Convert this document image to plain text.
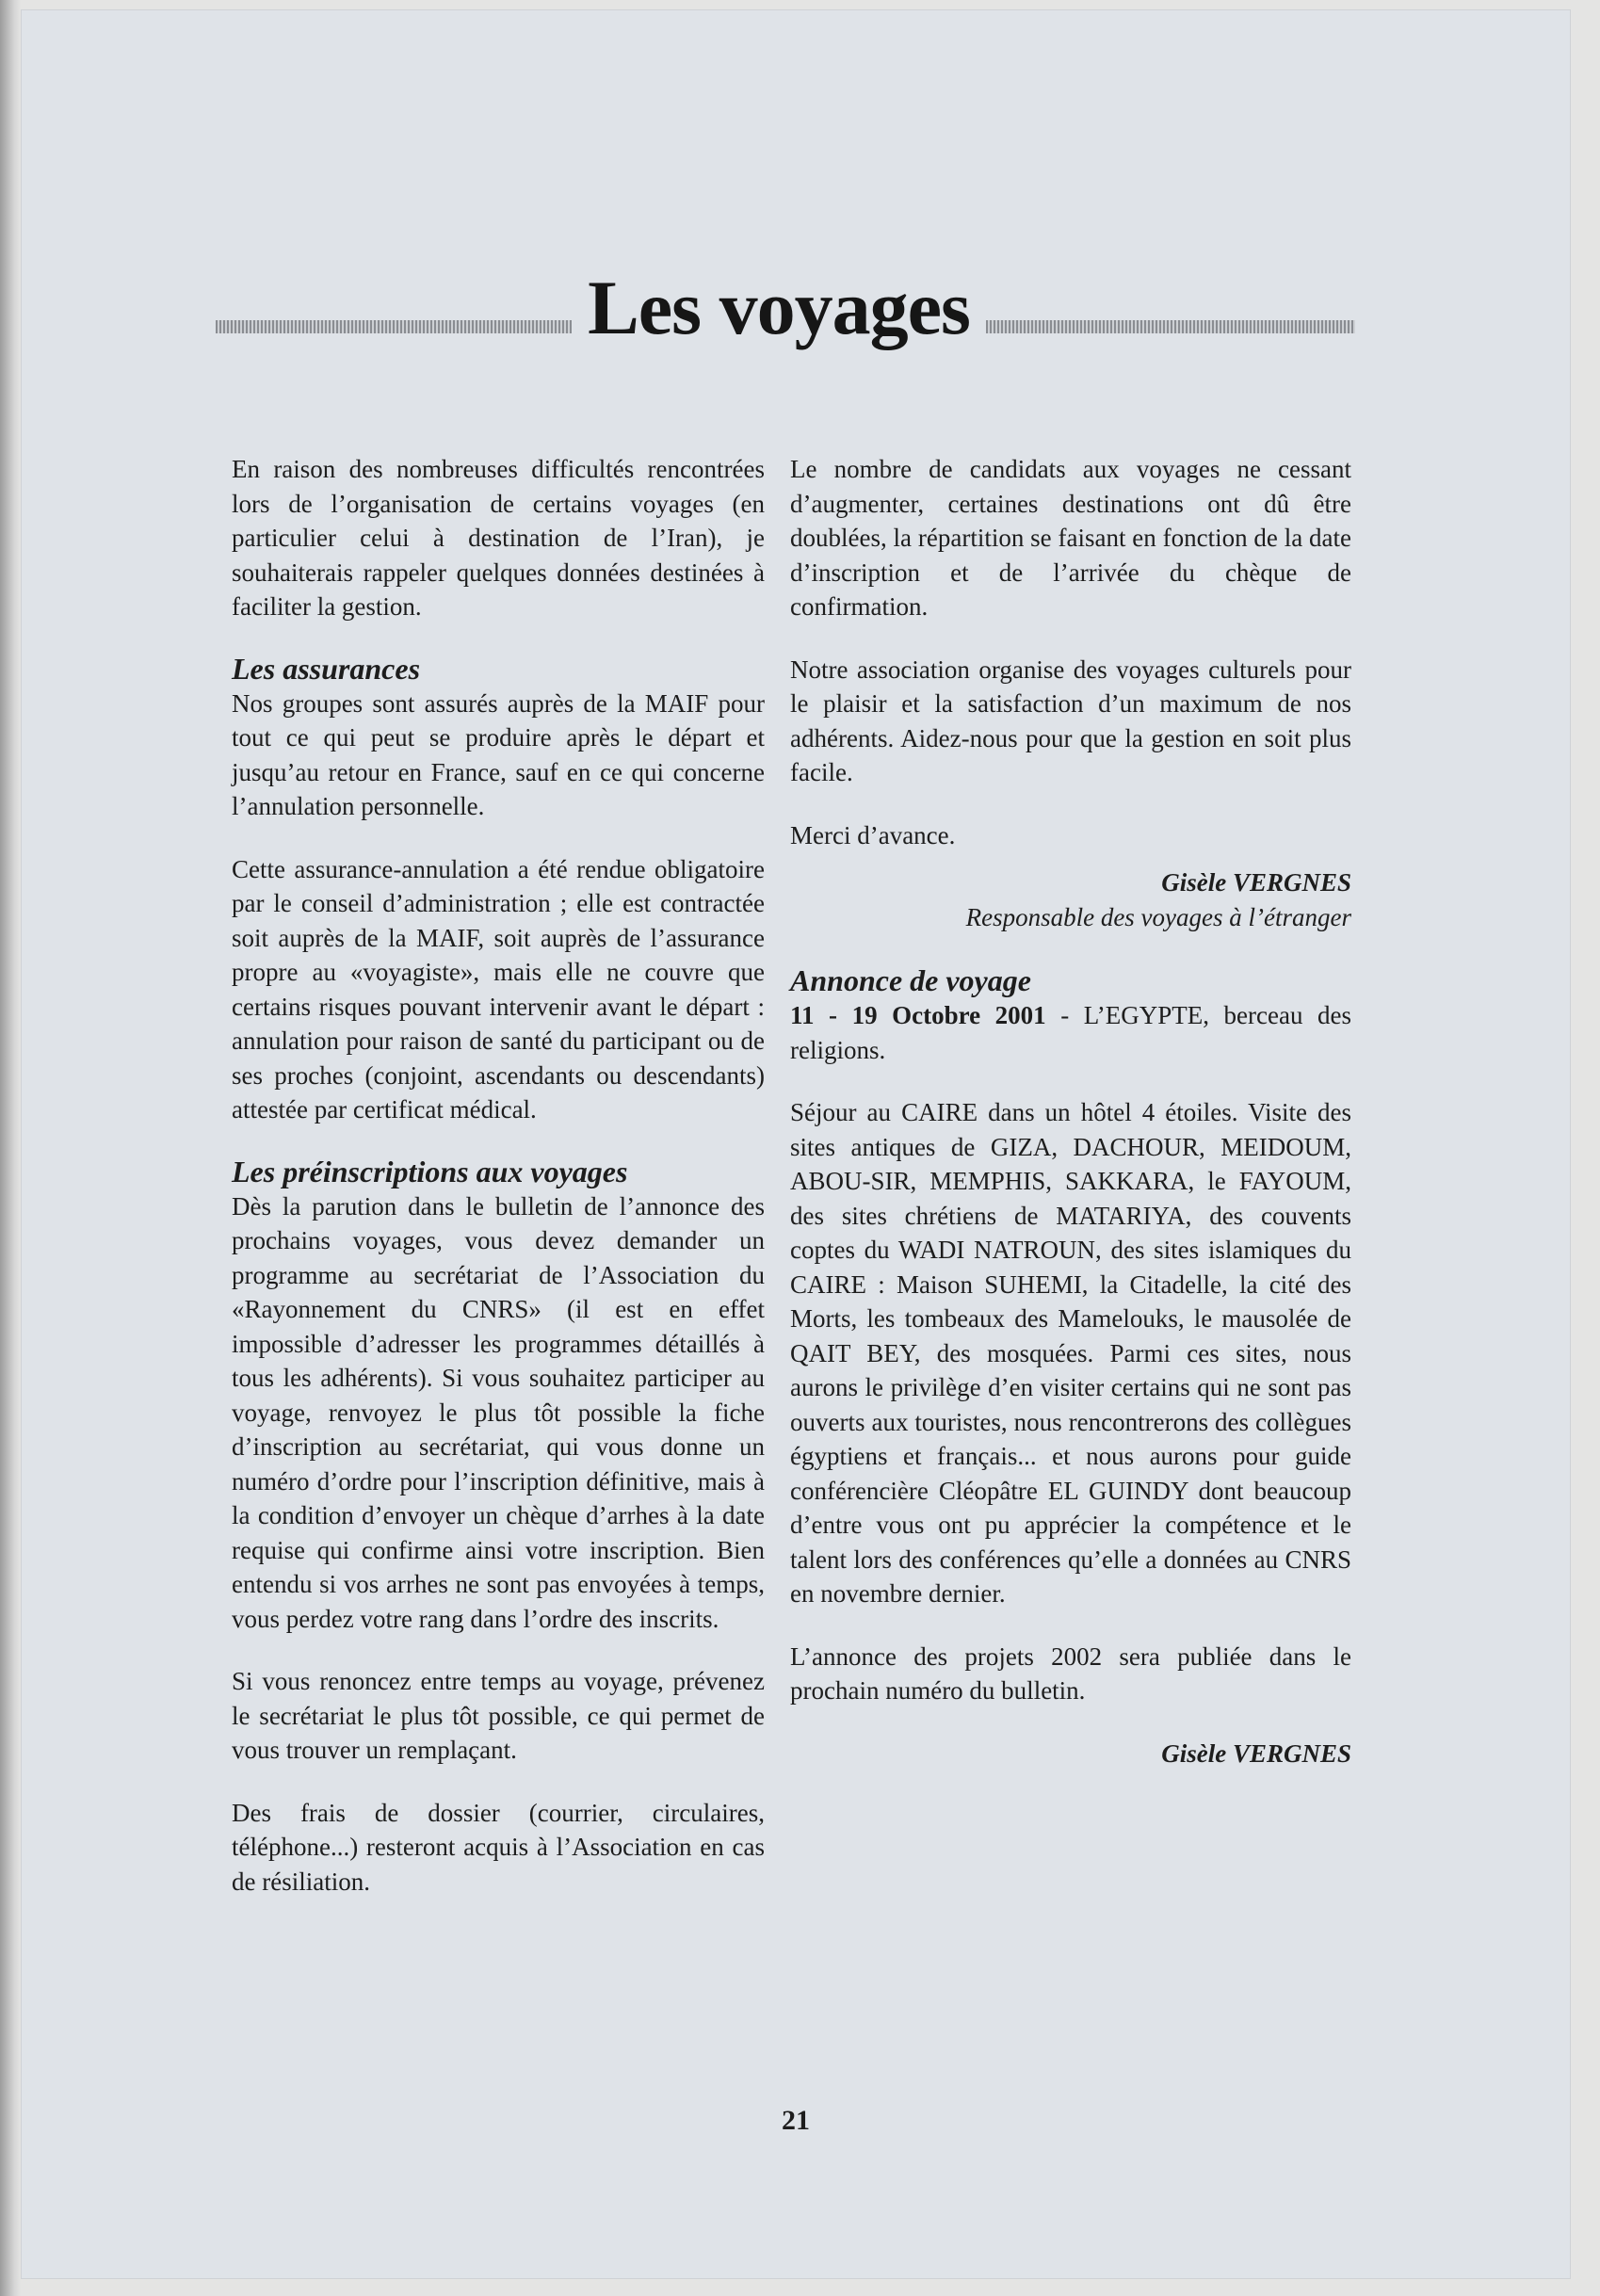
Les voyages

En raison des nombreuses difficultés rencontrées lors de l’organisation de certains voyages (en particulier celui à destination de l’Iran), je souhaiterais rappeler quelques données destinées à faciliter la gestion.

Les assurances

Nos groupes sont assurés auprès de la MAIF pour tout ce qui peut se produire après le départ et jusqu’au retour en France, sauf en ce qui concerne l’annulation personnelle.

Cette assurance-annulation a été rendue obligatoire par le conseil d’administration ; elle est contractée soit auprès de la MAIF, soit auprès de l’assurance propre au «voyagiste», mais elle ne couvre que certains risques pouvant intervenir avant le départ : annulation pour raison de santé du participant ou de ses proches (conjoint, ascendants ou descendants) attestée par certificat médical.

Les préinscriptions aux voyages

Dès la parution dans le bulletin de l’annonce des prochains voyages, vous devez demander un programme au secrétariat de l’Association du «Rayonnement du CNRS» (il est en effet impossible d’adresser les programmes détaillés à tous les adhérents). Si vous souhaitez participer au voyage, renvoyez le plus tôt possible la fiche d’inscription au secrétariat, qui vous donne un numéro d’ordre pour l’inscription définitive, mais à la condition d’envoyer un chèque d’arrhes à la date requise qui confirme ainsi votre inscription. Bien entendu si vos arrhes ne sont pas envoyées à temps, vous perdez votre rang dans l’ordre des inscrits.

Si vous renoncez entre temps au voyage, prévenez le secrétariat le plus tôt possible, ce qui permet de vous trouver un remplaçant.

Des frais de dossier (courrier, circulaires, téléphone...) resteront acquis à l’Association en cas de résiliation.

Le nombre de candidats aux voyages ne cessant d’augmenter, certaines destinations ont dû être doublées, la répartition se faisant en fonction de la date d’inscription et de l’arrivée du chèque de confirmation.

Notre association organise des voyages culturels pour le plaisir et la satisfaction d’un maximum de nos adhérents. Aidez-nous pour que la gestion en soit plus facile.

Merci d’avance.

Gisèle VERGNES
Responsable des voyages à l’étranger
Annonce de voyage

11 - 19 Octobre 2001 - L’EGYPTE, berceau des religions.

Séjour au CAIRE dans un hôtel 4 étoiles. Visite des sites antiques de GIZA, DACHOUR, MEIDOUM, ABOU-SIR, MEMPHIS, SAKKARA, le FAYOUM, des sites chrétiens de MATARIYA, des couvents coptes du WADI NATROUN, des sites islamiques du CAIRE : Maison SUHEMI, la Citadelle, la cité des Morts, les tombeaux des Mamelouks, le mausolée de QAIT BEY, des mosquées. Parmi ces sites, nous aurons le privilège d’en visiter certains qui ne sont pas ouverts aux touristes, nous rencontrerons des collègues égyptiens et français... et nous aurons pour guide conférencière Cléopâtre EL GUINDY dont beaucoup d’entre vous ont pu apprécier la compétence et le talent lors des conférences qu’elle a données au CNRS en novembre dernier.

L’annonce des projets 2002 sera publiée dans le prochain numéro du bulletin.

Gisèle VERGNES
21
